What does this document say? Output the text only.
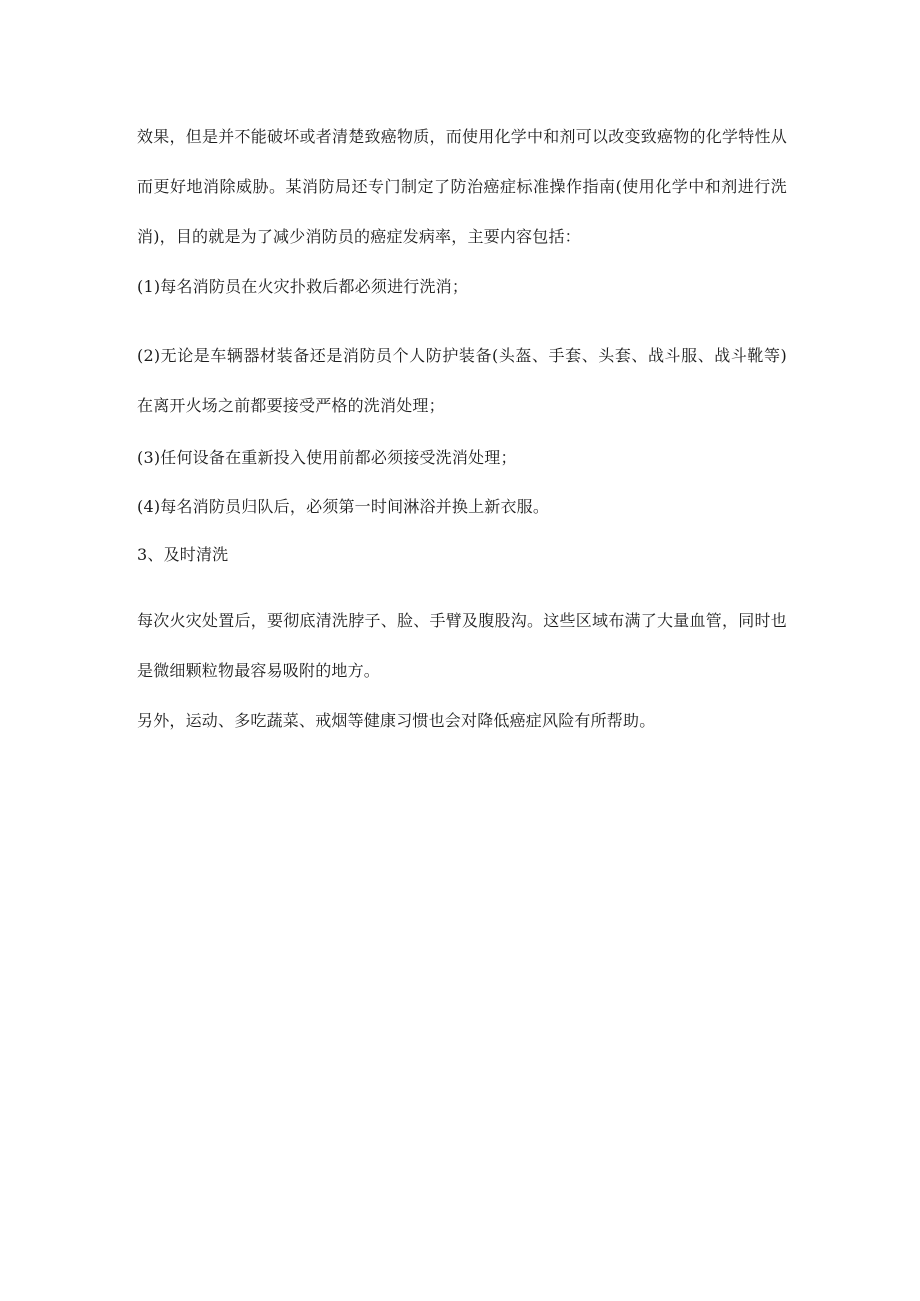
效果，但是并不能破坏或者清楚致癌物质，而使用化学中和剂可以改变致癌物的化学特性从而更好地消除威胁。某消防局还专门制定了防治癌症标准操作指南(使用化学中和剂进行洗消)，目的就是为了减少消防员的癌症发病率，主要内容包括：

(1)每名消防员在火灾扑救后都必须进行洗消；

(2)无论是车辆器材装备还是消防员个人防护装备(头盔、手套、头套、战斗服、战斗靴等)在离开火场之前都要接受严格的洗消处理；

(3)任何设备在重新投入使用前都必须接受洗消处理；

(4)每名消防员归队后，必须第一时间淋浴并换上新衣服。

3、及时清洗

每次火灾处置后，要彻底清洗脖子、脸、手臂及腹股沟。这些区域布满了大量血管，同时也是微细颗粒物最容易吸附的地方。

另外，运动、多吃蔬菜、戒烟等健康习惯也会对降低癌症风险有所帮助。
